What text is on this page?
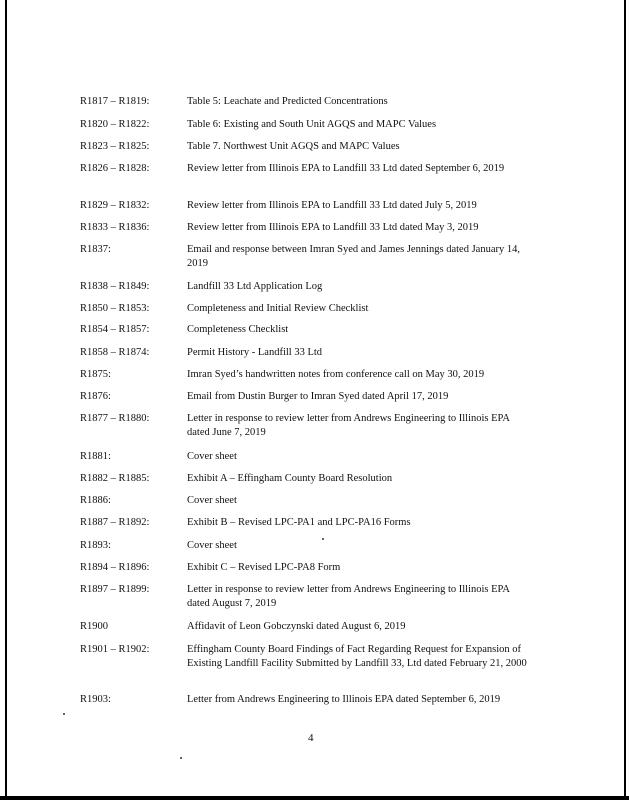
R1817 – R1819:	Table 5: Leachate and Predicted Concentrations
R1820 – R1822:	Table 6: Existing and South Unit AGQS and MAPC Values
R1823 – R1825:	Table 7. Northwest Unit AGQS and MAPC Values
R1826 – R1828:	Review letter from Illinois EPA to Landfill 33 Ltd dated September 6, 2019
R1829 – R1832:	Review letter from Illinois EPA to Landfill 33 Ltd dated July 5, 2019
R1833 – R1836:	Review letter from Illinois EPA to Landfill 33 Ltd dated May 3, 2019
R1837:	Email and response between Imran Syed and James Jennings dated January 14, 2019
R1838 – R1849:	Landfill 33 Ltd Application Log
R1850 – R1853:	Completeness and Initial Review Checklist
R1854 – R1857:	Completeness Checklist
R1858 – R1874:	Permit History - Landfill 33 Ltd
R1875:	Imran Syed’s handwritten notes from conference call on May 30, 2019
R1876:	Email from Dustin Burger to Imran Syed dated April 17, 2019
R1877 – R1880:	Letter in response to review letter from Andrews Engineering to Illinois EPA dated June 7, 2019
R1881:	Cover sheet
R1882 – R1885:	Exhibit A – Effingham County Board Resolution
R1886:	Cover sheet
R1887 – R1892:	Exhibit B – Revised LPC-PA1 and LPC-PA16 Forms
R1893:	Cover sheet
R1894 – R1896:	Exhibit C – Revised LPC-PA8 Form
R1897 – R1899:	Letter in response to review letter from Andrews Engineering to Illinois EPA dated August 7, 2019
R1900	Affidavit of Leon Gobczynski dated August 6, 2019
R1901 – R1902:	Effingham County Board Findings of Fact Regarding Request for Expansion of Existing Landfill Facility Submitted by Landfill 33, Ltd dated February 21, 2000
R1903:	Letter from Andrews Engineering to Illinois EPA dated September 6, 2019
4
